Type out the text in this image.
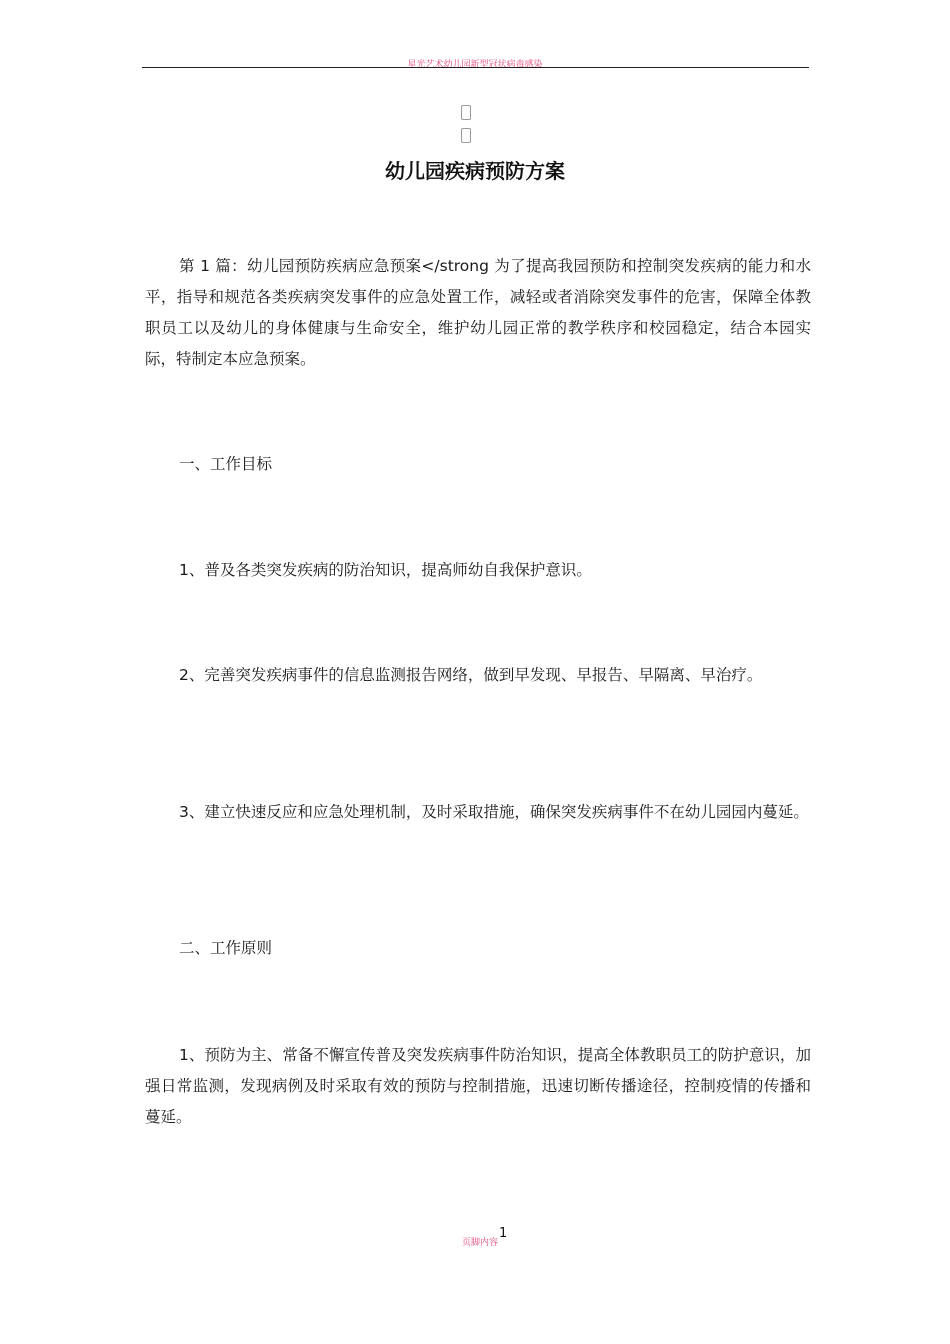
星光艺术幼儿园新型冠状病毒感染
幼儿园疾病预防方案

第 1 篇：幼儿园预防疾病应急预案</strong 为了提高我园预防和控制突发疾病的能力和水平，指导和规范各类疾病突发事件的应急处置工作，减轻或者消除突发事件的危害，保障全体教职员工以及幼儿的身体健康与生命安全，维护幼儿园正常的教学秩序和校园稳定，结合本园实际，特制定本应急预案。

一、工作目标

1、普及各类突发疾病的防治知识，提高师幼自我保护意识。

2、完善突发疾病事件的信息监测报告网络，做到早发现、早报告、早隔离、早治疗。

3、建立快速反应和应急处理机制，及时采取措施，确保突发疾病事件不在幼儿园园内蔓延。

二、工作原则

1、预防为主、常备不懈宣传普及突发疾病事件防治知识，提高全体教职员工的防护意识，加强日常监测，发现病例及时采取有效的预防与控制措施，迅速切断传播途径，控制疫情的传播和蔓延。

页脚内容
1
